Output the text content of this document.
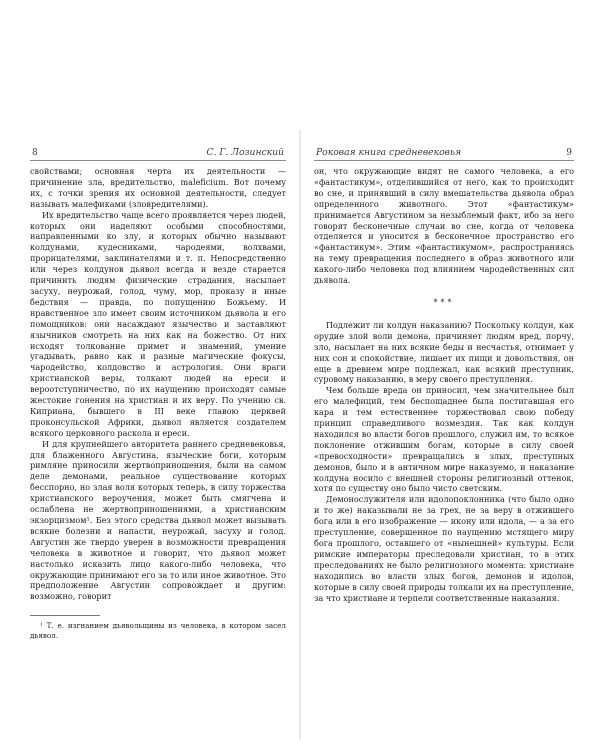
8	С. Г. Лозинский

свойствами; основная черта их деятельности — причинение зла, вредительство, maleficium. Вот почему их, с точки зрения их основной деятельности, следует называть малефиками (зловредителями).

Их вредительство чаще всего проявляется через людей, которых они наделяют особыми способностями, направленными ко злу, и которых обычно называют колдунами, кудесниками, чародеями, волхвами, прорицателями, заклинателями и т. п. Непосредственно или через колдунов дьявол всегда и везде старается причинить людям физические страдания, насылает засуху, неурожай, голод, чуму, мор, проказу и иные бедствия — правда, по попущению Божьему. И нравственное зло имеет своим источником дьявола и его помощников: они насаждают язычество и заставляют язычников смотреть на них как на божество. От них исходят толкование примет и знамений, умение угадывать, равно как и разные магические фокусы, чародейство, колдовство и астрология. Они враги христианской веры, толкают людей на ереси и вероотступничество, по их наущению происходят самые жестокие гонения на христиан и их веру. По учению св. Киприана, бывшего в III веке главою церквей проконсульской Африки, дьявол является создателем всякого церковного раскола и ереси.

И для крупнейшего авторитета раннего средневековья, для блаженного Августина, языческие боги, которым римляне приносили жертвоприношения, были на самом деле демонами, реальное существование которых бесспорно, но злая воля которых теперь, в силу торжества христианского вероучения, может быть смягчена и ослаблена не жертвоприношениями, а христианским экзорцизмом¹. Без этого средства дьявол может вызывать всякие болезни и напасти, неурожай, засуху и голод. Августин же твердо уверен в возможности превращения человека в животное и говорит, что дьявол может настолько исказить лицо какого-либо человека, что окружающие принимают его за то или иное животное. Это предположение Августин сопровождает и другим: возможно, говорит

¹ Т. е. изгнанием дьявольщины из человека, в котором засел дьявол.

Роковая книга средневековья	9

он, что окружающие видят не самого человека, а его «фантастикум», отделившийся от него, как то происходит во сне, и принявший в силу вмешательства дьявола образ определенного животного. Этот «фантастикум» принимается Августином за незыблемый факт, ибо за него говорят бесконечные случаи во сне, когда от человека отделяется и уносится в бесконечное пространство его «фантастикум». Этим «фантастикумом», распространяясь на тему превращения последнего в образ животного или какого-либо человека под влиянием чародейственных сил дьявола.

***

Подлежит ли колдун наказанию? Поскольку колдун, как орудие злой воли демона, причиняет людям вред, порчу, зло, насылает на них всякие беды и несчастья, отнимает у них сон и спокойствие, лишает их пищи и довольствия, он еще в древнем мире подлежал, как всякий преступник, суровому наказанию, в меру своего преступления.

Чем больше вреда он приносил, чем значительнее был его малефиций, тем беспощаднее была постигавшая его кара и тем естественнее торжествовал свою победу принцип справедливого возмездия. Так как колдун находился во власти богов прошлого, служил им, то всякое поклонение отжившим богам, которые в силу своей «превосходности» превращались в злых, преступных демонов, было и в античном мире наказуемо, и наказание колдуна носило с внешней стороны религиозный оттенок, хотя по существу оно было чисто светским.

Демонослужителя или идолопоклонника (что было одно и то же) наказывали не за грех, не за веру в отжившего бога или в его изображение — икону или идола, — а за его преступление, совершенное по наущению мстящего миру бога прошлого, оставшего от «нынешней» культуры. Если римские императоры преследовали христиан, то в этих преследованиях не было религиозного момента: христиане находились во власти злых богов, демонов и идолов, которые в силу своей природы толкали их на преступление, за что христиане и терпели соответственные наказания.
